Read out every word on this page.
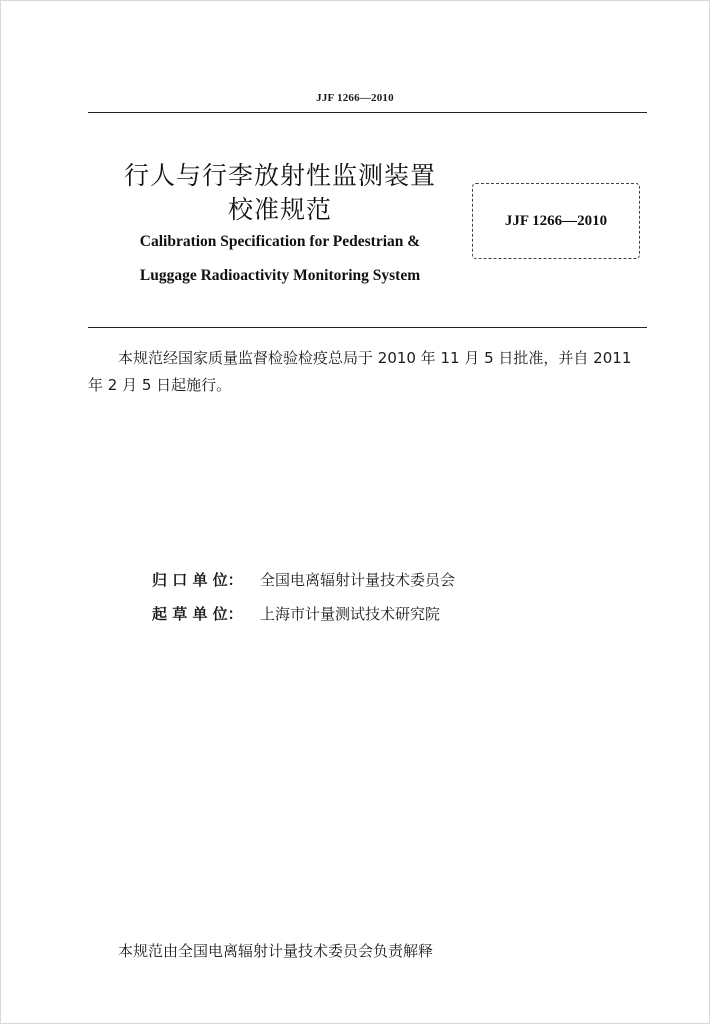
JJF 1266—2010
行人与行李放射性监测装置
校准规范	JJF 1266—2010
Calibration Specification for Pedestrian &
Luggage Radioactivity Monitoring System
本规范经国家质量监督检验检疫总局于 2010 年 11 月 5 日批准，并自 2011 年 2 月 5 日起施行。
归 口 单 位：	全国电离辐射计量技术委员会
起 草 单 位：	上海市计量测试技术研究院
本规范由全国电离辐射计量技术委员会负责解释
